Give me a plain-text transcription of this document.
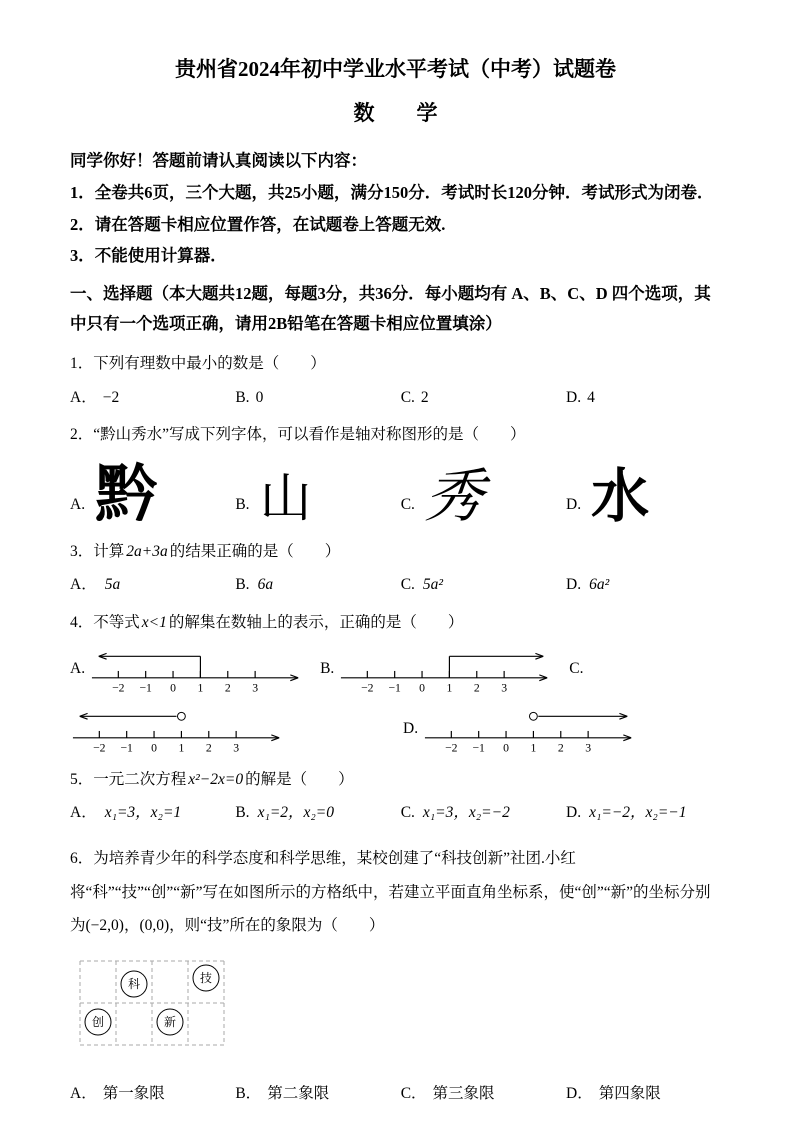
贵州省2024年初中学业水平考试（中考）试题卷
数　　学
同学你好！答题前请认真阅读以下内容：
1．全卷共6页，三个大题，共25小题，满分150分．考试时长120分钟．考试形式为闭卷．
2．请在答题卡相应位置作答，在试题卷上答题无效.
3．不能使用计算器．
一、选择题（本大题共12题，每题3分，共36分．每小题均有 A、B、C、D 四个选项，其中只有一个选项正确，请用2B铅笔在答题卡相应位置填涂）
1．下列有理数中最小的数是（　　）
A． −2	B. 0	C. 2	D. 4
2．“黔山秀水”写成下列字体，可以看作是轴对称图形的是（　　）
A. 黔	B. 山	C. 秀	D. 水
3．计算 2a+3a 的结果正确的是（　　）
A． 5a	B. 6a	C. 5a²	D. 6a²
4．不等式 x<1 的解集在数轴上的表示，正确的是（　　）
A.
−2 −1 0 1 2 3
B.
−2 −1 0 1 2 3
C.
−2 −1 0 1 2 3
D.
−2 −1 0 1 2 3
5．一元二次方程 x²−2x=0 的解是（　　）
A． x₁=3，x₂=1	B. x₁=2，x₂=0	C. x₁=3，x₂=−2	D. x₁=−2，x₂=−1
6．为培养青少年的科学态度和科学思维，某校创建了“科技创新”社团.小红将“科”“技”“创”“新”写在如图所示的方格纸中，若建立平面直角坐标系，使“创”“新”的坐标分别为(−2,0)，(0,0)，则“技”所在的象限为（　　）
科	技
创	新
A． 第一象限	B． 第二象限	C． 第三象限	D． 第四象限
